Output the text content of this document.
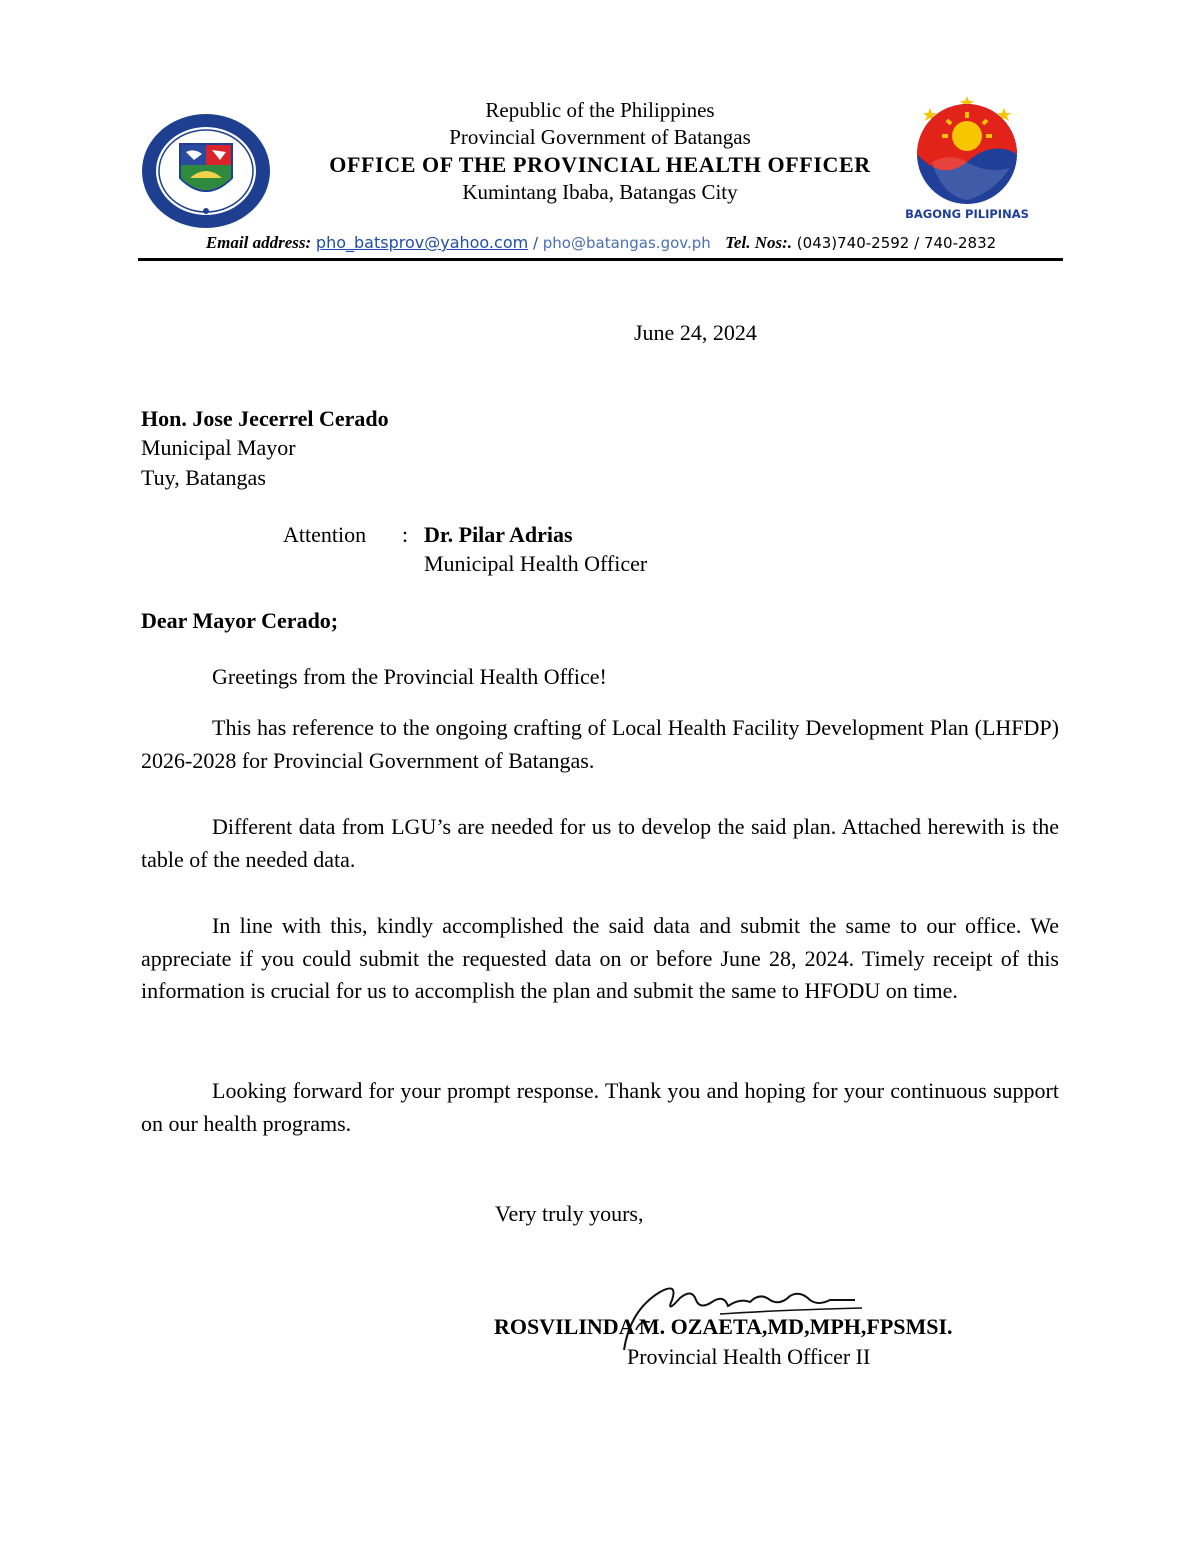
BAGONG PILIPINAS
Republic of the Philippines
Provincial Government of Batangas
OFFICE OF THE PROVINCIAL HEALTH OFFICER
Kumintang Ibaba, Batangas City
Email address: pho_batsprov@yahoo.com / pho@batangas.gov.ph Tel. Nos:. (043)740-2592 / 740-2832
June 24, 2024
Hon. Jose Jecerrel Cerado
Municipal Mayor
Tuy, Batangas
Attention : Dr. Pilar Adrias
Municipal Health Officer
Dear Mayor Cerado;
Greetings from the Provincial Health Office!
This has reference to the ongoing crafting of Local Health Facility Development Plan (LHFDP) 2026-2028 for Provincial Government of Batangas.
Different data from LGU’s are needed for us to develop the said plan. Attached herewith is the table of the needed data.
In line with this, kindly accomplished the said data and submit the same to our office. We appreciate if you could submit the requested data on or before June 28, 2024. Timely receipt of this information is crucial for us to accomplish the plan and submit the same to HFODU on time.
Looking forward for your prompt response. Thank you and hoping for your continuous support on our health programs.
Very truly yours,
ROSVILINDA M. OZAETA,MD,MPH,FPSMSI.
Provincial Health Officer II
